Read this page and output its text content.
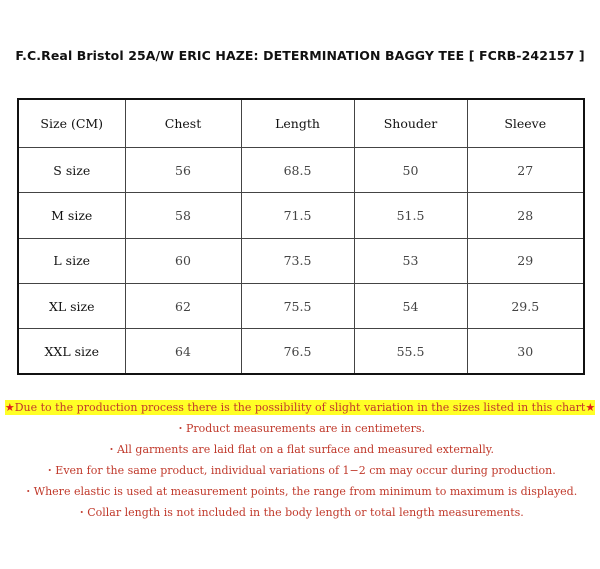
F.C.Real Bristol 25A/W ERIC HAZE: DETERMINATION BAGGY TEE [ FCRB-242157 ]
Size (CM)	Chest	Length	Shouder	Sleeve
S size	56	68.5	50	27
M size	58	71.5	51.5	28
L size	60	73.5	53	29
XL size	62	75.5	54	29.5
XXL size	64	76.5	55.5	30
★Due to the production process there is the possibility of slight variation in the sizes listed in this chart★
・Product measurements are in centimeters.
・All garments are laid flat on a flat surface and measured externally.
・Even for the same product, individual variations of 1−2 cm may occur during production.
・Where elastic is used at measurement points, the range from minimum to maximum is displayed.
・Collar length is not included in the body length or total length measurements.
